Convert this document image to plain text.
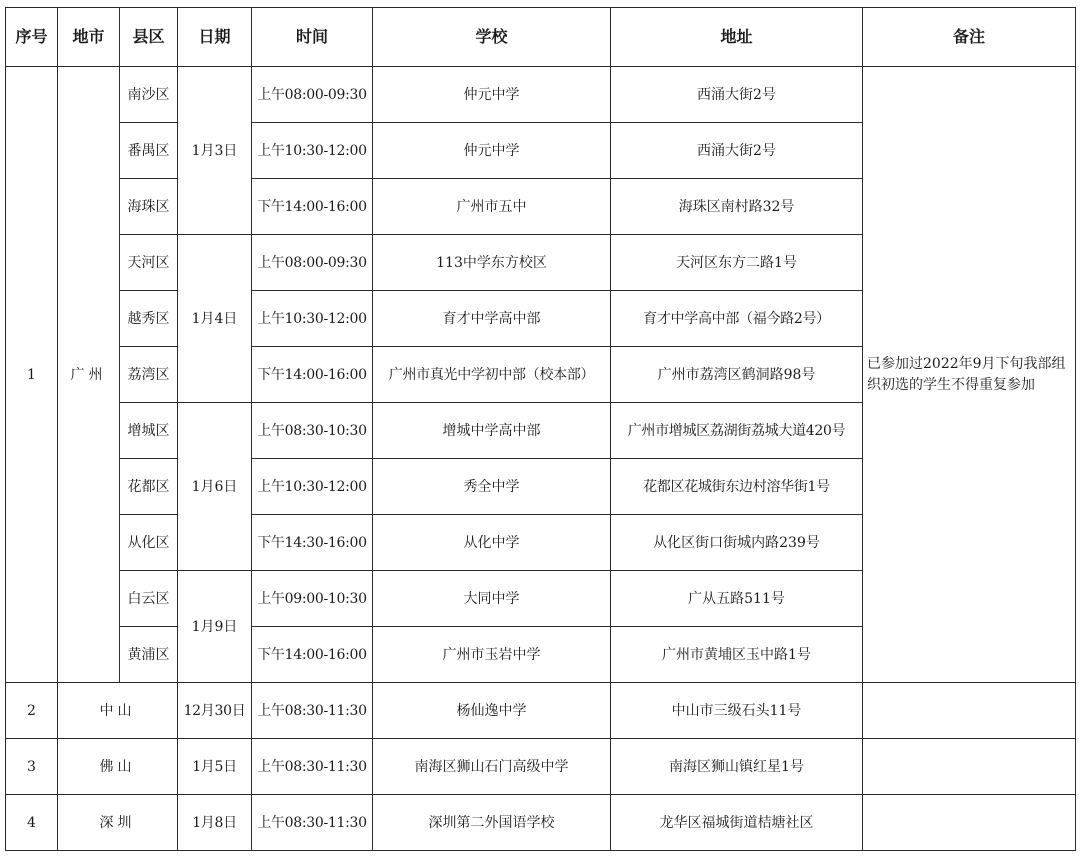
序号	地市	县区	日期	时间	学校	地址	备注
1	广州	南沙区	1月3日	上午08:00-09:30	仲元中学	西涌大街2号	已参加过2022年9月下旬我部组织初选的学生不得重复参加
		番禺区		上午10:30-12:00	仲元中学	西涌大街2号	
		海珠区		下午14:00-16:00	广州市五中	海珠区南村路32号	
		天河区	1月4日	上午08:00-09:30	113中学东方校区	天河区东方二路1号	
		越秀区		上午10:30-12:00	育才中学高中部	育才中学高中部（福今路2号）	
		荔湾区		下午14:00-16:00	广州市真光中学初中部（校本部）	广州市荔湾区鹤洞路98号	
		增城区	1月6日	上午08:30-10:30	增城中学高中部	广州市增城区荔湖街荔城大道420号	
		花都区		上午10:30-12:00	秀全中学	花都区花城街东边村溶华街1号	
		从化区		下午14:30-16:00	从化中学	从化区街口街城内路239号	
		白云区	1月9日	上午09:00-10:30	大同中学	广从五路511号	
		黄浦区		下午14:00-16:00	广州市玉岩中学	广州市黄埔区玉中路1号	
2	中山		12月30日	上午08:30-11:30	杨仙逸中学	中山市三级石头11号	
3	佛山		1月5日	上午08:30-11:30	南海区狮山石门高级中学	南海区狮山镇红星1号	
4	深圳		1月8日	上午08:30-11:30	深圳第二外国语学校	龙华区福城街道桔塘社区	
